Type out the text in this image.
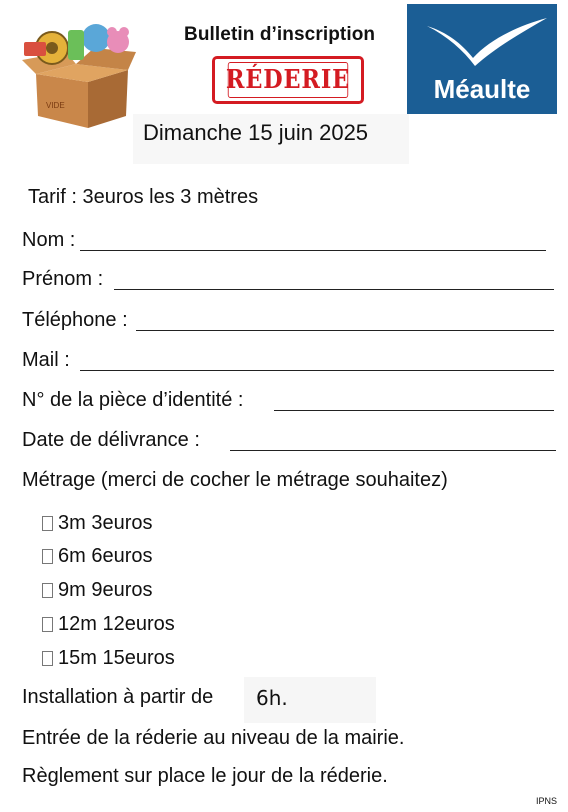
VIDE
Bulletin d’inscription
RÉDERIE	Méaulte
Dimanche 15 juin 2025
Tarif : 3euros les 3 mètres
Nom :
Prénom :
Téléphone :
Mail :
N° de la pièce d’identité :
Date de délivrance :
Métrage (merci de cocher le métrage souhaitez)
3m 3euros
6m 6euros
9m 9euros
12m 12euros
15m 15euros
Installation à partir de 6h.
Entrée de la réderie au niveau de la mairie.
Règlement sur place le jour de la réderie.
IPNS
